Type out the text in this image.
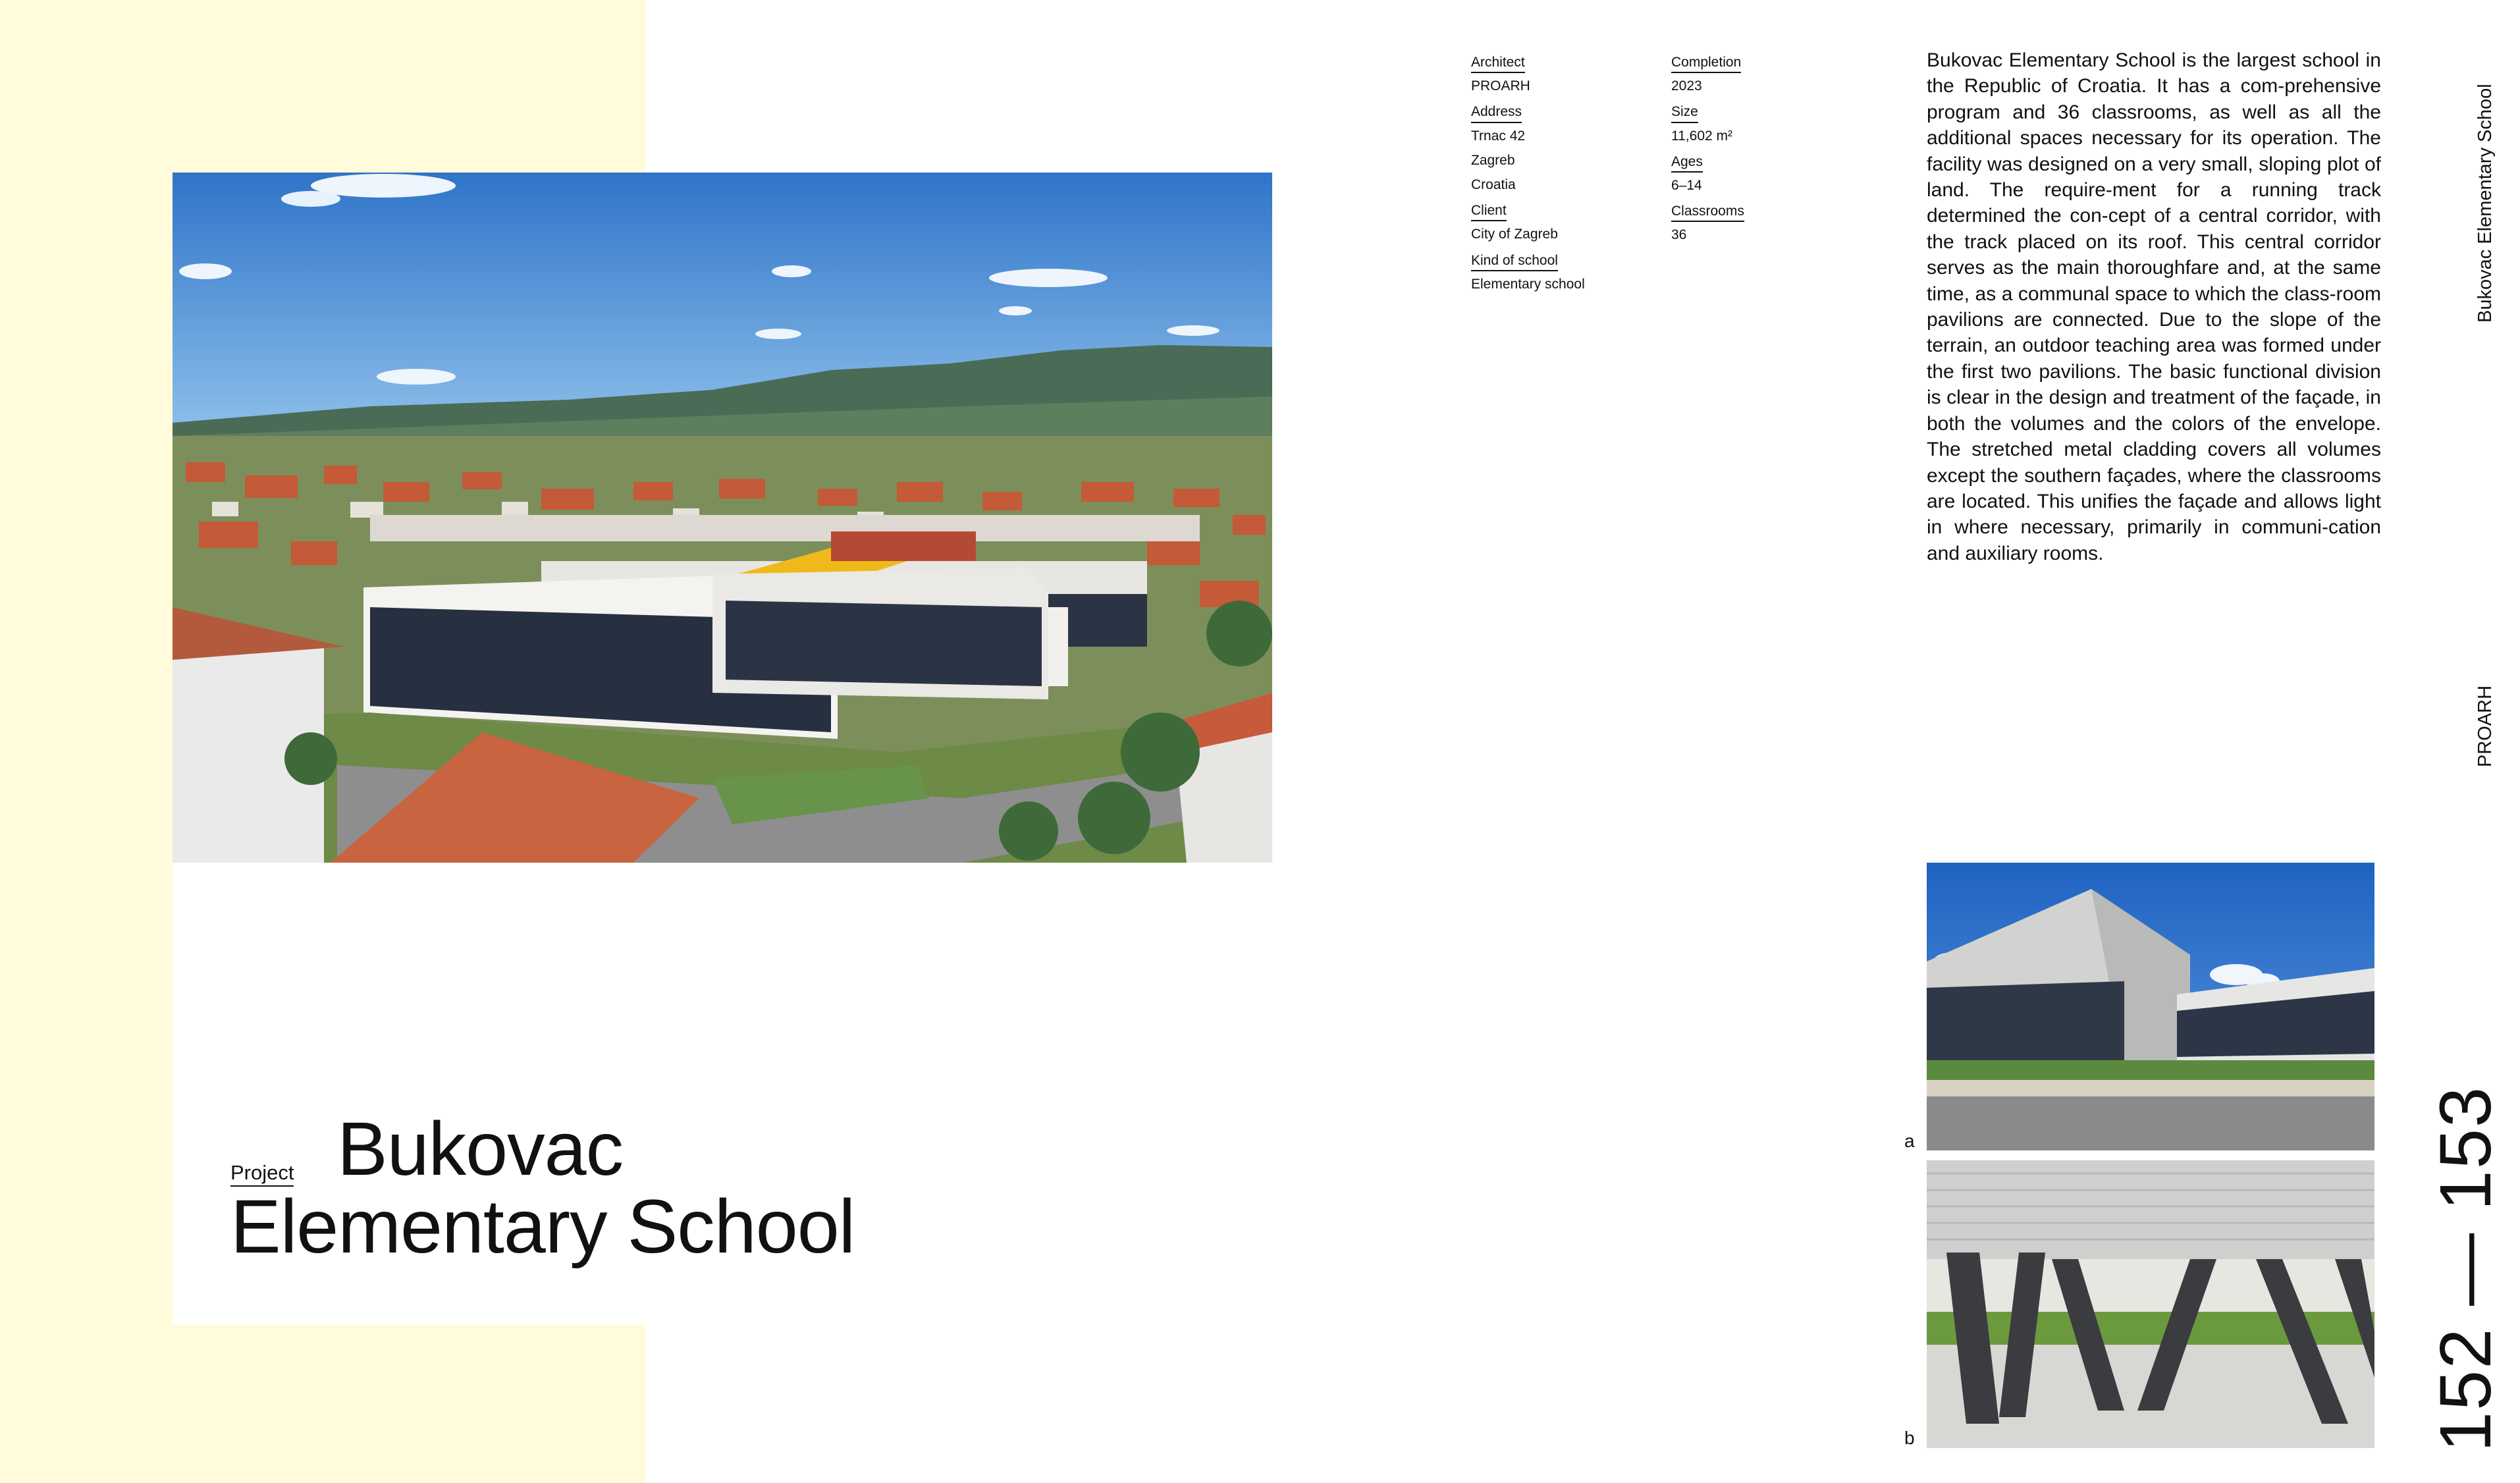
Project Bukovac
Elementary School
Architect
PROARH
Address
Trnac 42
Zagreb
Croatia
Client
City of Zagreb
Kind of school
Elementary school
Completion
2023
Size
11,602 m²
Ages
6–14
Classrooms
36
Bukovac Elementary School is the largest school in the Republic of Croatia. It has a com-prehensive program and 36 classrooms, as well as all the additional spaces necessary for its operation. The facility was designed on a very small, sloping plot of land. The require-ment for a running track determined the con-cept of a central corridor, with the track placed on its roof. This central corridor serves as the main thoroughfare and, at the same time, as a communal space to which the class-room pavilions are connected. Due to the slope of the terrain, an outdoor teaching area was formed under the first two pavilions. The basic functional division is clear in the design and treatment of the façade, in both the volumes and the colors of the envelope. The stretched metal cladding covers all volumes except the southern façades, where the classrooms are located. This unifies the façade and allows light in where necessary, primarily in communi-cation and auxiliary rooms.
Bukovac Elementary School
PROARH
152 — 153
a
b
